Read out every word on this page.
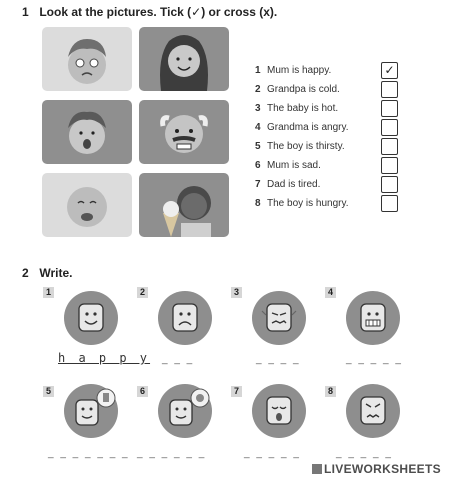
1 Look at the pictures. Tick (✓) or cross (x).
1 Mum is happy.
2 Grandpa is cold.
3 The baby is hot.
4 Grandma is angry.
5 The boy is thirsty.
6 Mum is sad.
7 Dad is tired.
8 The boy is hungry.
✓
2 Write.
1
h a p p y
2
_ _ _
3
_ _ _ _
4
_ _ _ _ _
5
_ _ _ _ _ _ _
6
_ _ _ _ _ _
7
_ _ _ _ _
8
_ _ _ _ _
LIVEWORKSHEETS
